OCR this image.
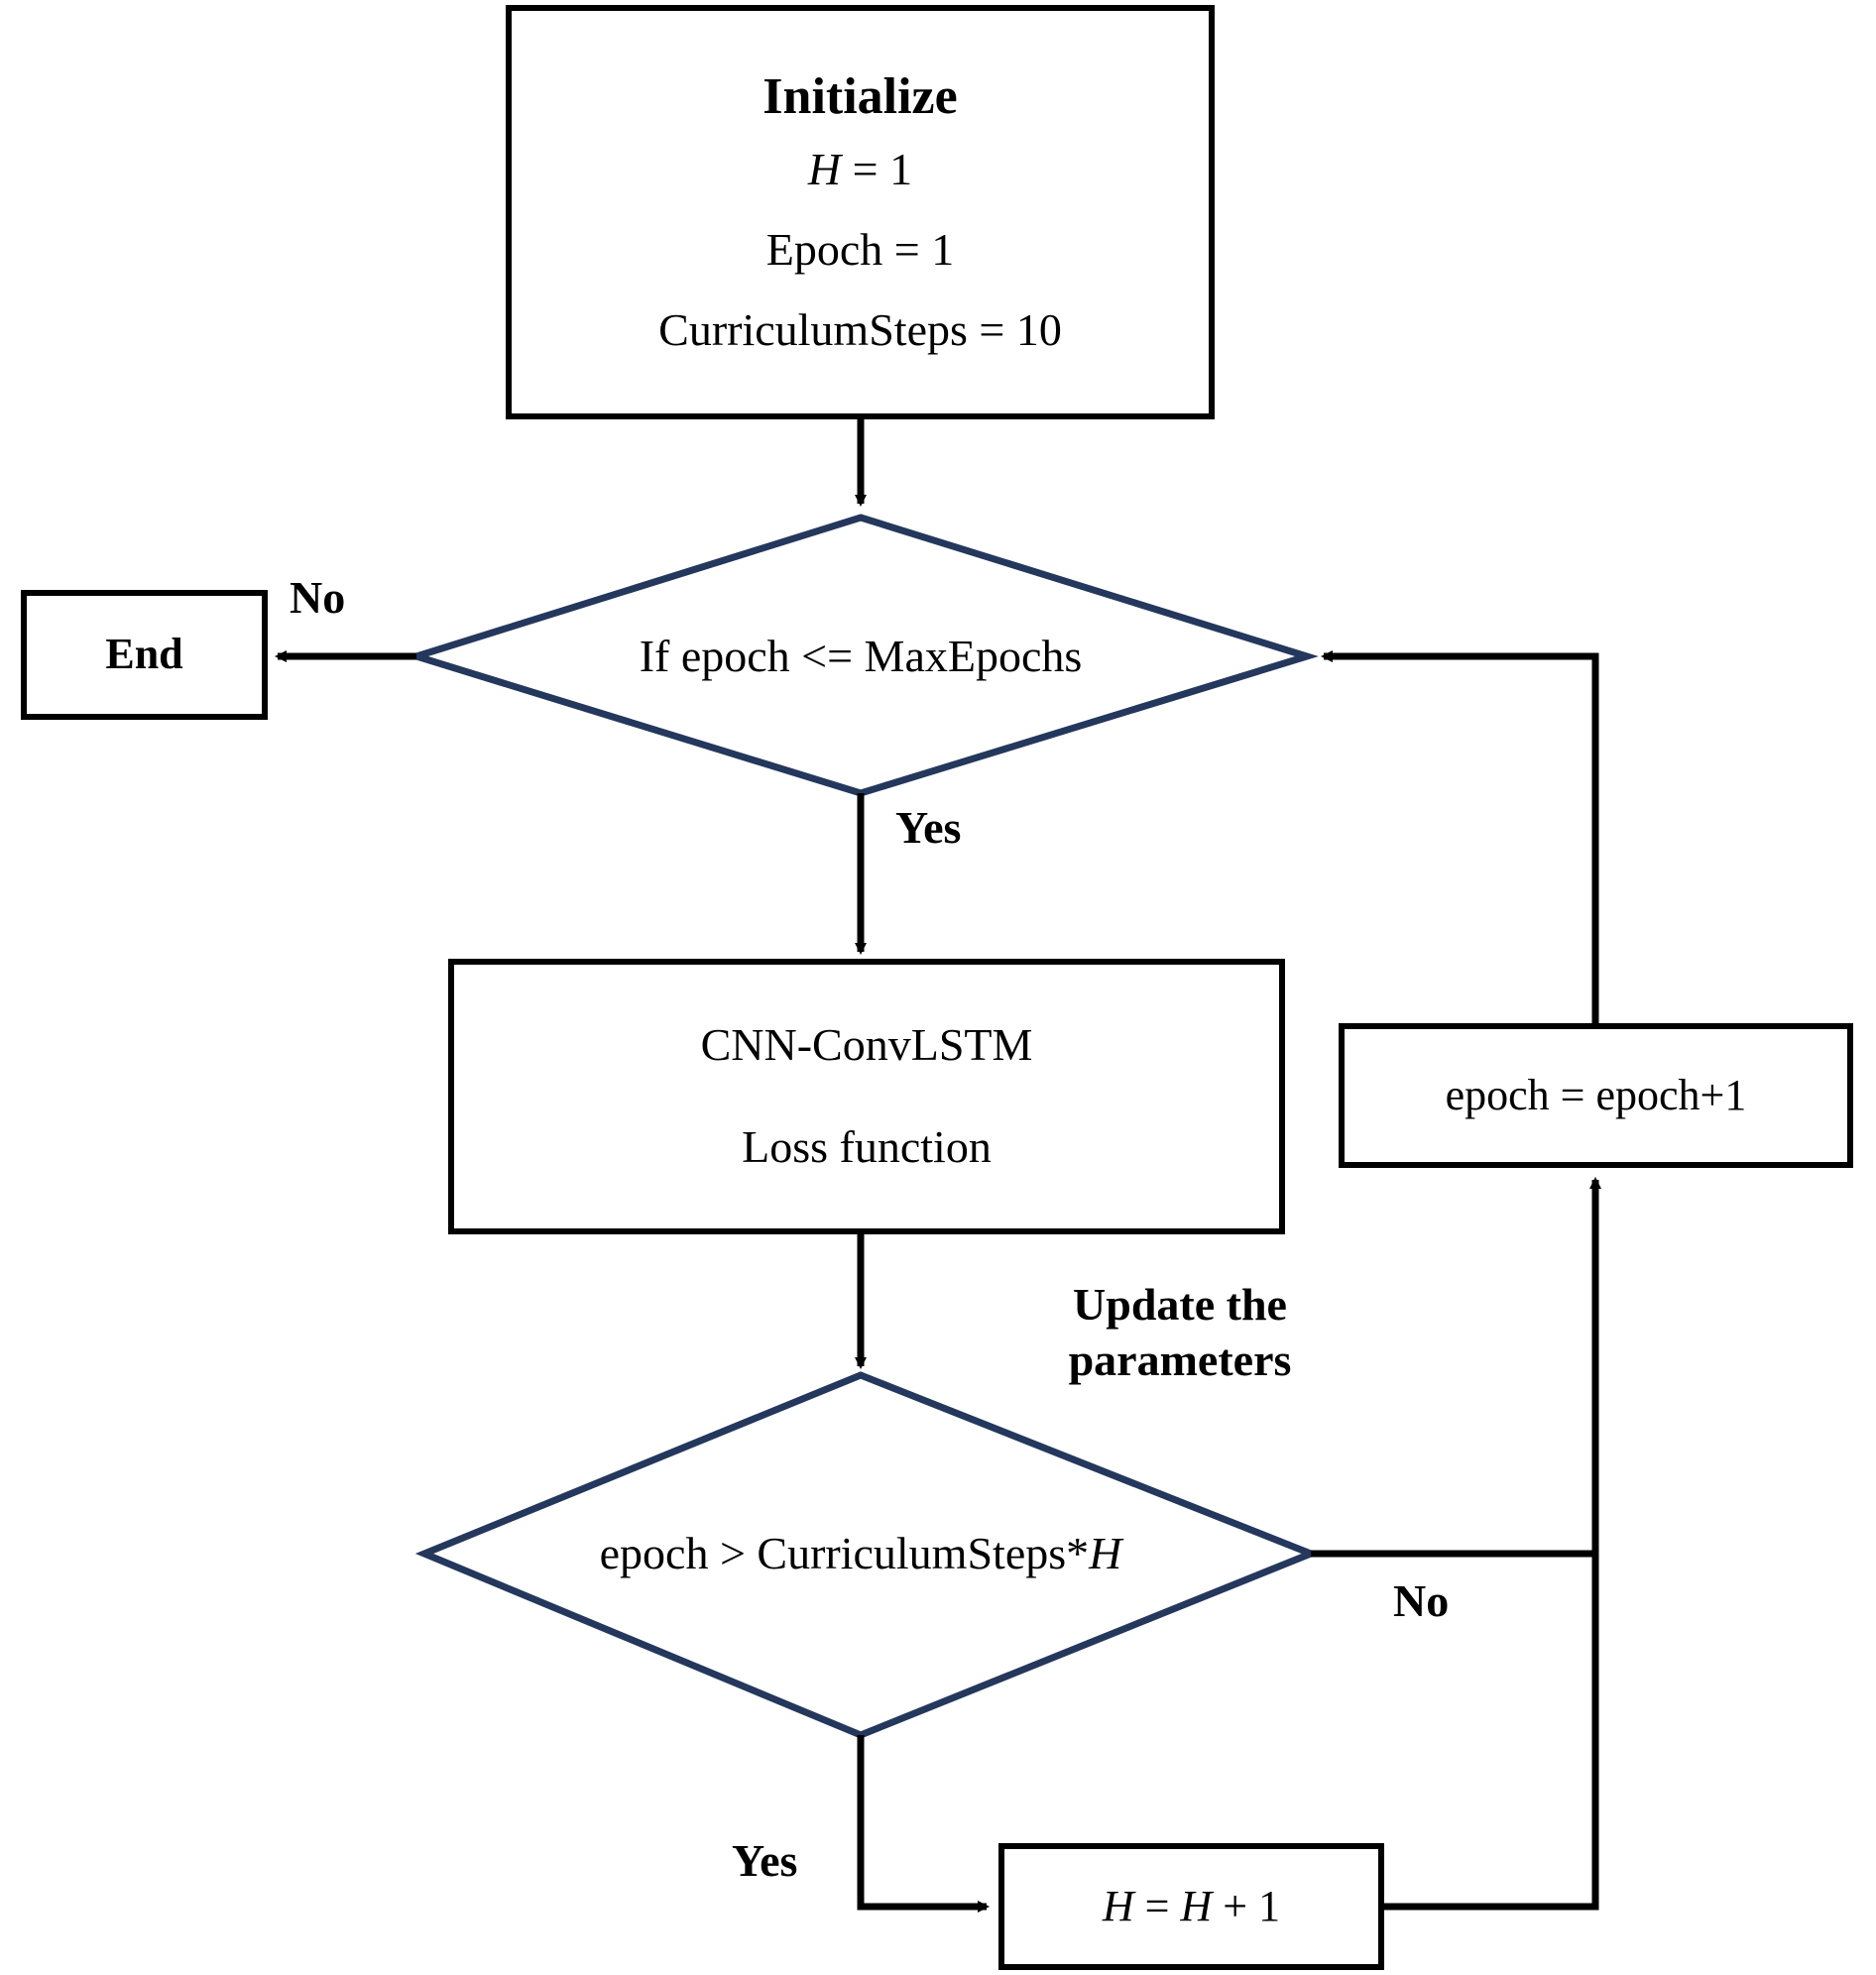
Initialize
H = 1
Epoch = 1
CurriculumSteps = 10
End	If epoch <= MaxEpochs
CNN-ConvLSTM
Loss function
epoch > CurriculumSteps*H
epoch = epoch+1
H = H + 1
No
Yes
Update the
parameters
No
Yes
